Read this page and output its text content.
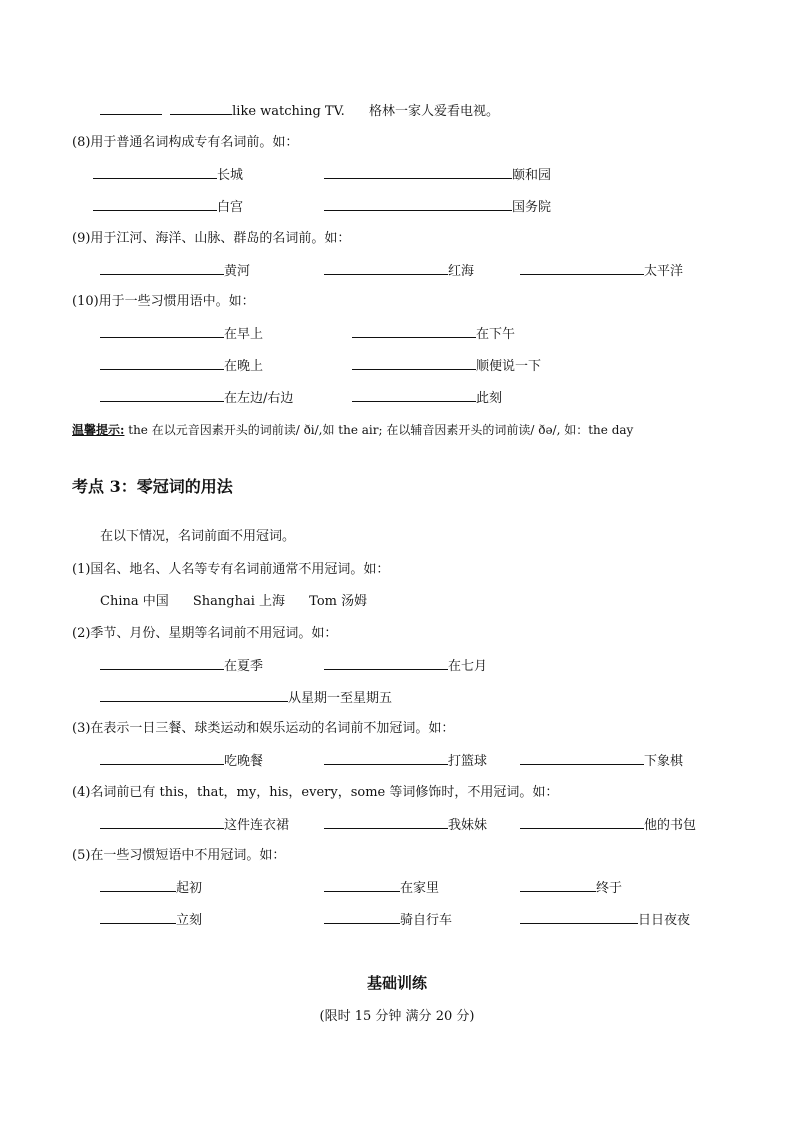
like watching TV. 格林一家人爱看电视。
(8)用于普通名词构成专有名词前。如：
长城	颐和园
白宫	国务院
(9)用于江河、海洋、山脉、群岛的名词前。如：
黄河	红海	太平洋
(10)用于一些习惯用语中。如：
在早上	在下午
在晚上	顺便说一下
在左边/右边	此刻
温馨提示: the 在以元音因素开头的词前读/ ði/,如 the air; 在以辅音因素开头的词前读/ ðə/, 如：the day
考点 3：零冠词的用法
在以下情况，名词前面不用冠词。
(1)国名、地名、人名等专有名词前通常不用冠词。如：
China 中国 Shanghai 上海 Tom 汤姆
(2)季节、月份、星期等名词前不用冠词。如：
在夏季	在七月
从星期一至星期五
(3)在表示一日三餐、球类运动和娱乐运动的名词前不加冠词。如：
吃晚餐	打篮球	下象棋
(4)名词前已有 this，that，my，his，every，some 等词修饰时，不用冠词。如：
这件连衣裙	我妹妹	他的书包
(5)在一些习惯短语中不用冠词。如：
起初	在家里	终于
立刻	骑自行车	日日夜夜
基础训练
(限时 15 分钟 满分 20 分)
